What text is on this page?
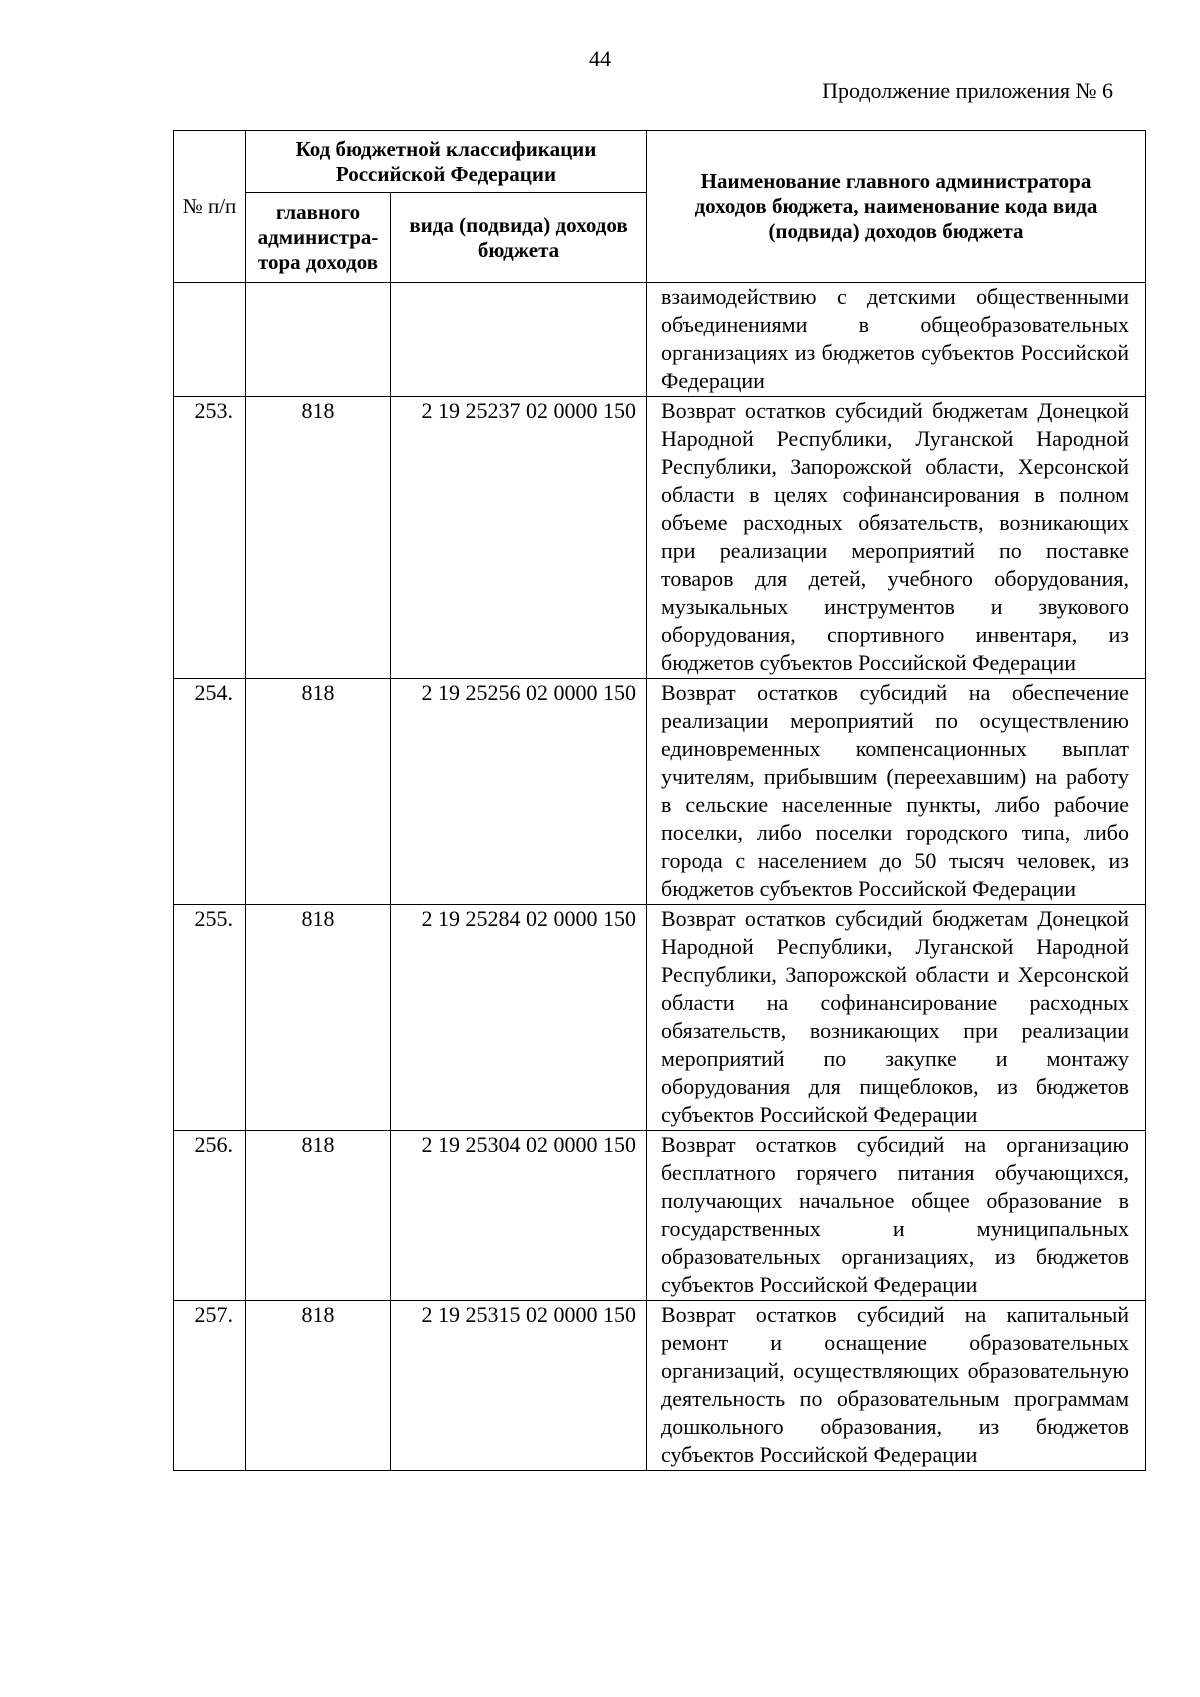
44
Продолжение приложения № 6
№ п/п	Код бюджетной классификации Российской Федерации		Наименование главного администратора доходов бюджета, наименование кода вида (подвида) доходов бюджета
	главного администра-тора доходов	вида (подвида) доходов бюджета	
			взаимодействию с детскими общественными объединениями в общеобразовательных организациях из бюджетов субъектов Российской Федерации
253.	818	2 19 25237 02 0000 150	Возврат остатков субсидий бюджетам Донецкой Народной Республики, Луганской Народной Республики, Запорожской области, Херсонской области в целях софинансирования в полном объеме расходных обязательств, возникающих при реализации мероприятий по поставке товаров для детей, учебного оборудования, музыкальных инструментов и звукового оборудования, спортивного инвентаря, из бюджетов субъектов Российской Федерации
254.	818	2 19 25256 02 0000 150	Возврат остатков субсидий на обеспечение реализации мероприятий по осуществлению единовременных компенсационных выплат учителям, прибывшим (переехавшим) на работу в сельские населенные пункты, либо рабочие поселки, либо поселки городского типа, либо города с населением до 50 тысяч человек, из бюджетов субъектов Российской Федерации
255.	818	2 19 25284 02 0000 150	Возврат остатков субсидий бюджетам Донецкой Народной Республики, Луганской Народной Республики, Запорожской области и Херсонской области на софинансирование расходных обязательств, возникающих при реализации мероприятий по закупке и монтажу оборудования для пищеблоков, из бюджетов субъектов Российской Федерации
256.	818	2 19 25304 02 0000 150	Возврат остатков субсидий на организацию бесплатного горячего питания обучающихся, получающих начальное общее образование в государственных и муниципальных образовательных организациях, из бюджетов субъектов Российской Федерации
257.	818	2 19 25315 02 0000 150	Возврат остатков субсидий на капитальный ремонт и оснащение образовательных организаций, осуществляющих образовательную деятельность по образовательным программам дошкольного образования, из бюджетов субъектов Российской Федерации
